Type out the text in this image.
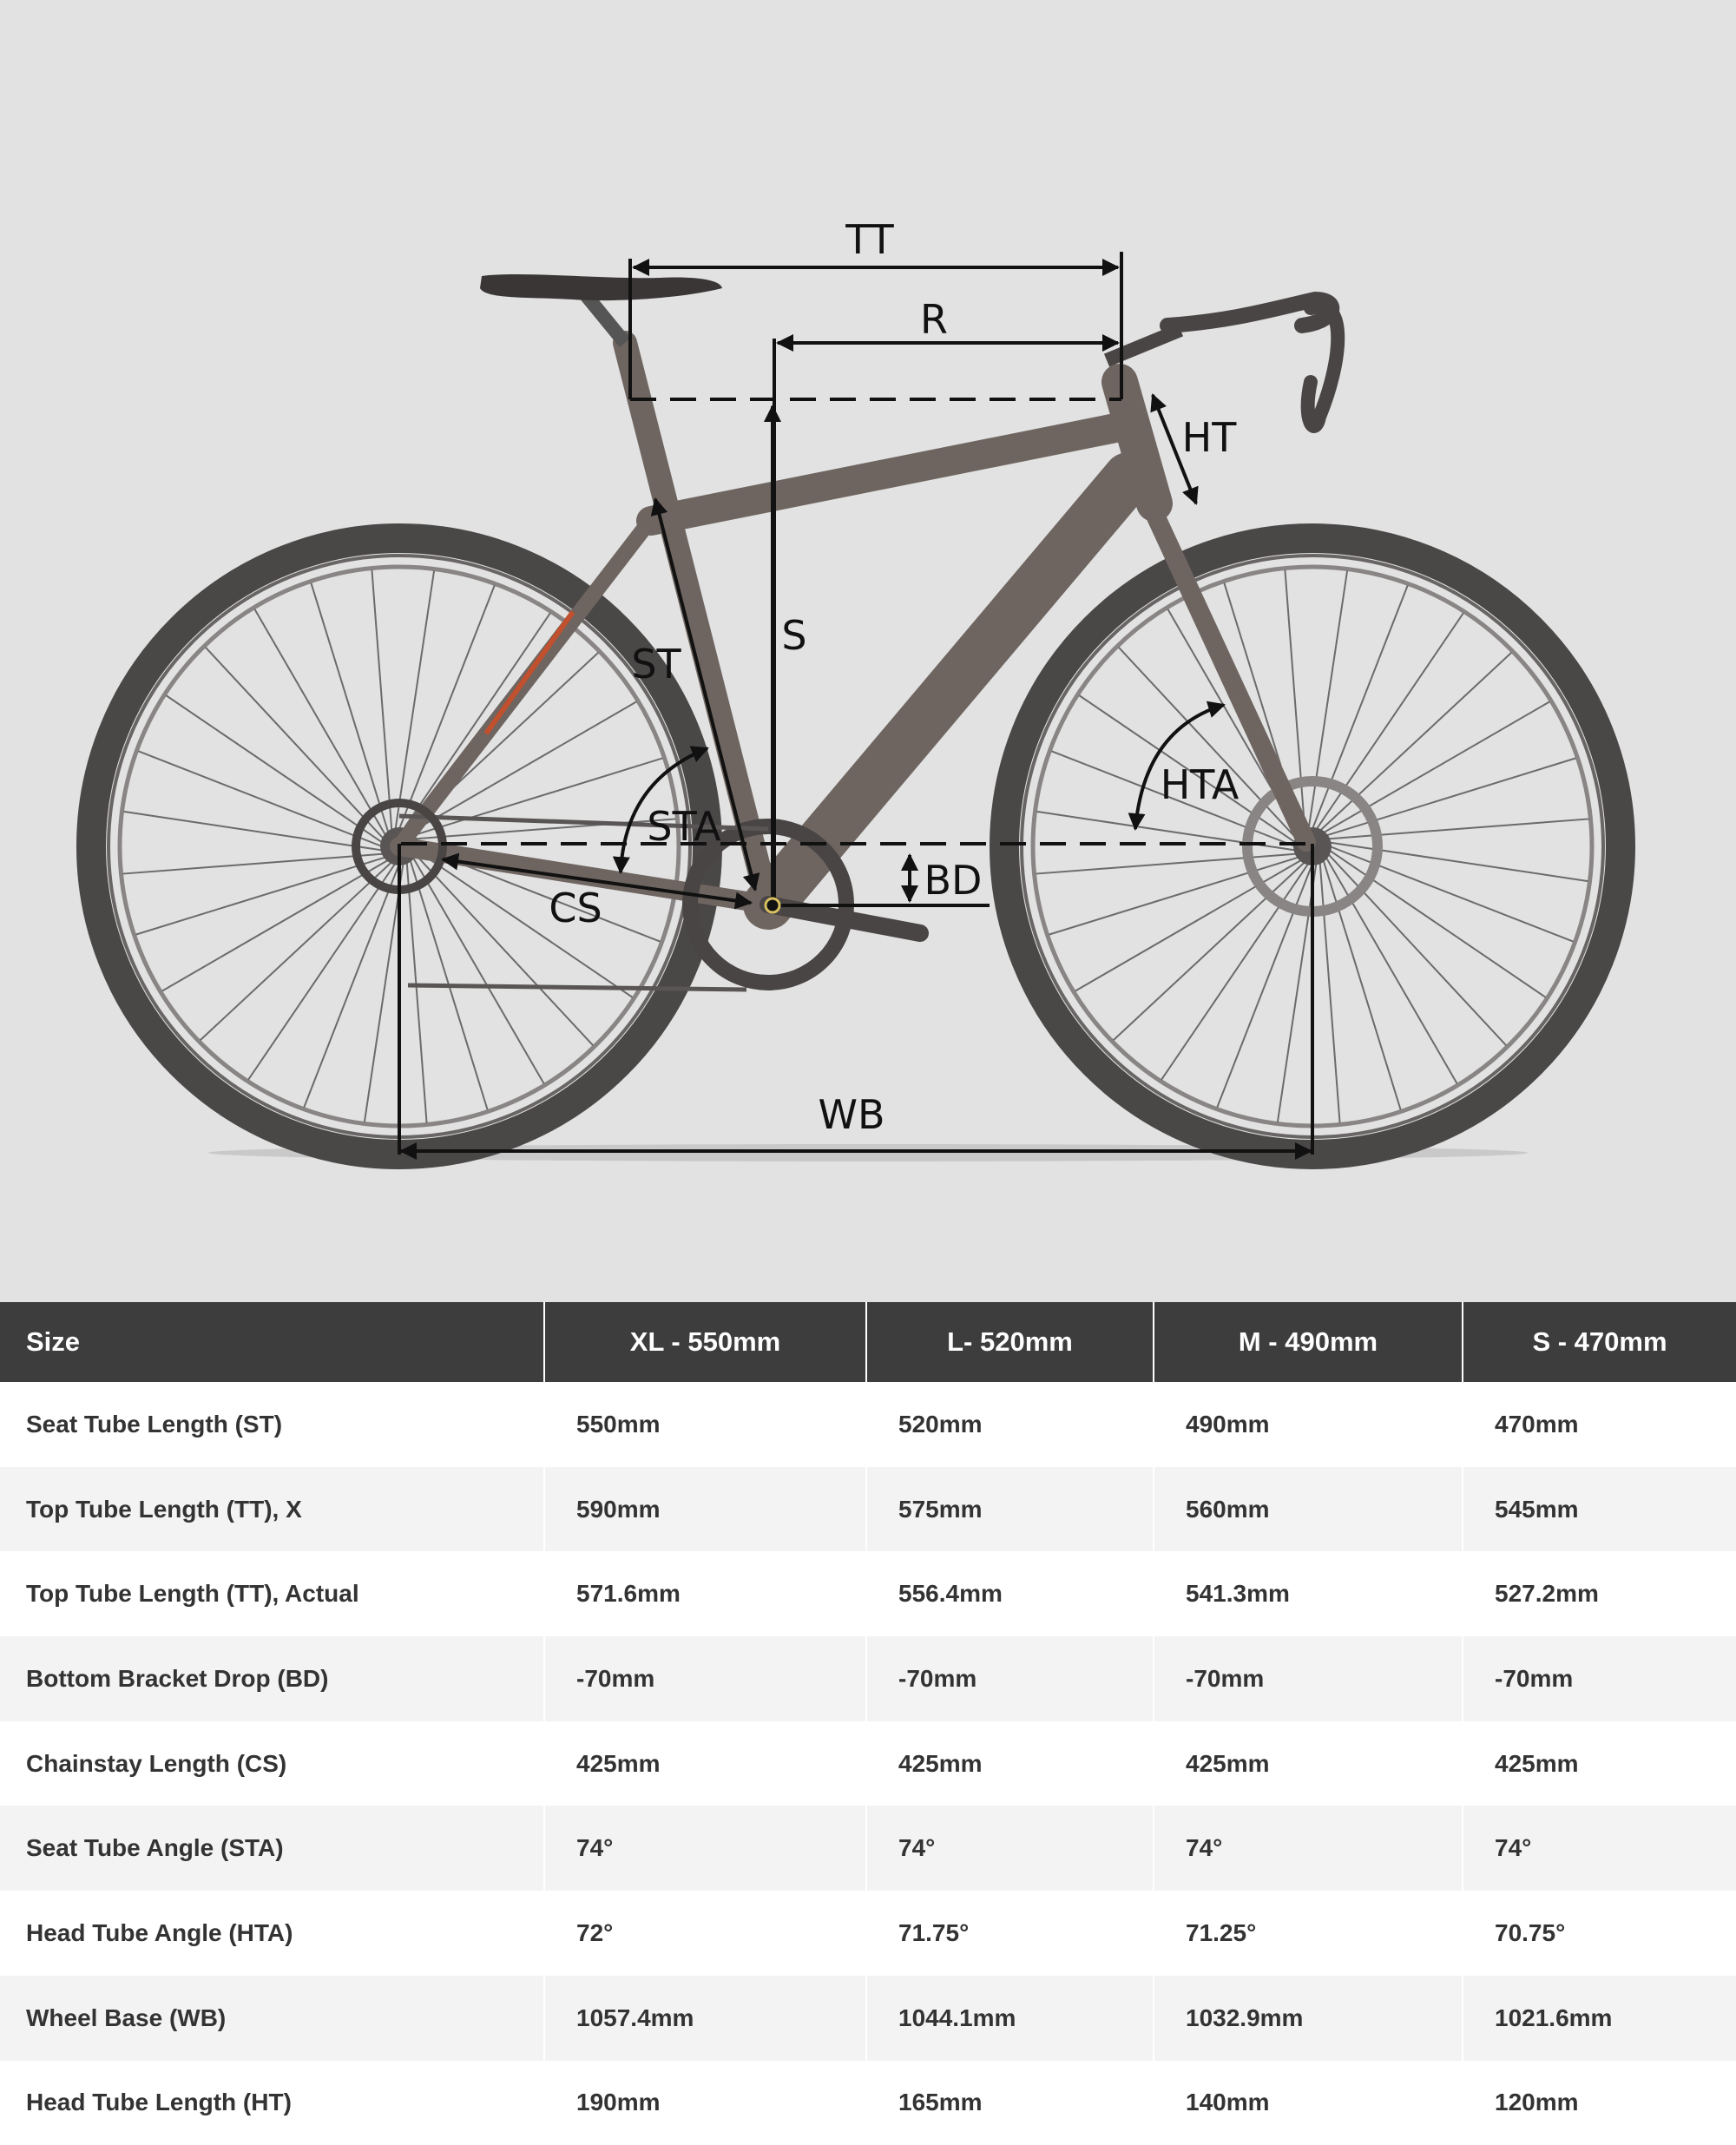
TT
R
HT
S
ST
STA
HTA
BD
CS
WB
Size	XL - 550mm	L- 520mm	M - 490mm	S - 470mm
Seat Tube Length (ST)	550mm	520mm	490mm	470mm
Top Tube Length (TT), X	590mm	575mm	560mm	545mm
Top Tube Length (TT), Actual	571.6mm	556.4mm	541.3mm	527.2mm
Bottom Bracket Drop (BD)	-70mm	-70mm	-70mm	-70mm
Chainstay Length (CS)	425mm	425mm	425mm	425mm
Seat Tube Angle (STA)	74°	74°	74°	74°
Head Tube Angle (HTA)	72°	71.75°	71.25°	70.75°
Wheel Base (WB)	1057.4mm	1044.1mm	1032.9mm	1021.6mm
Head Tube Length (HT)	190mm	165mm	140mm	120mm
